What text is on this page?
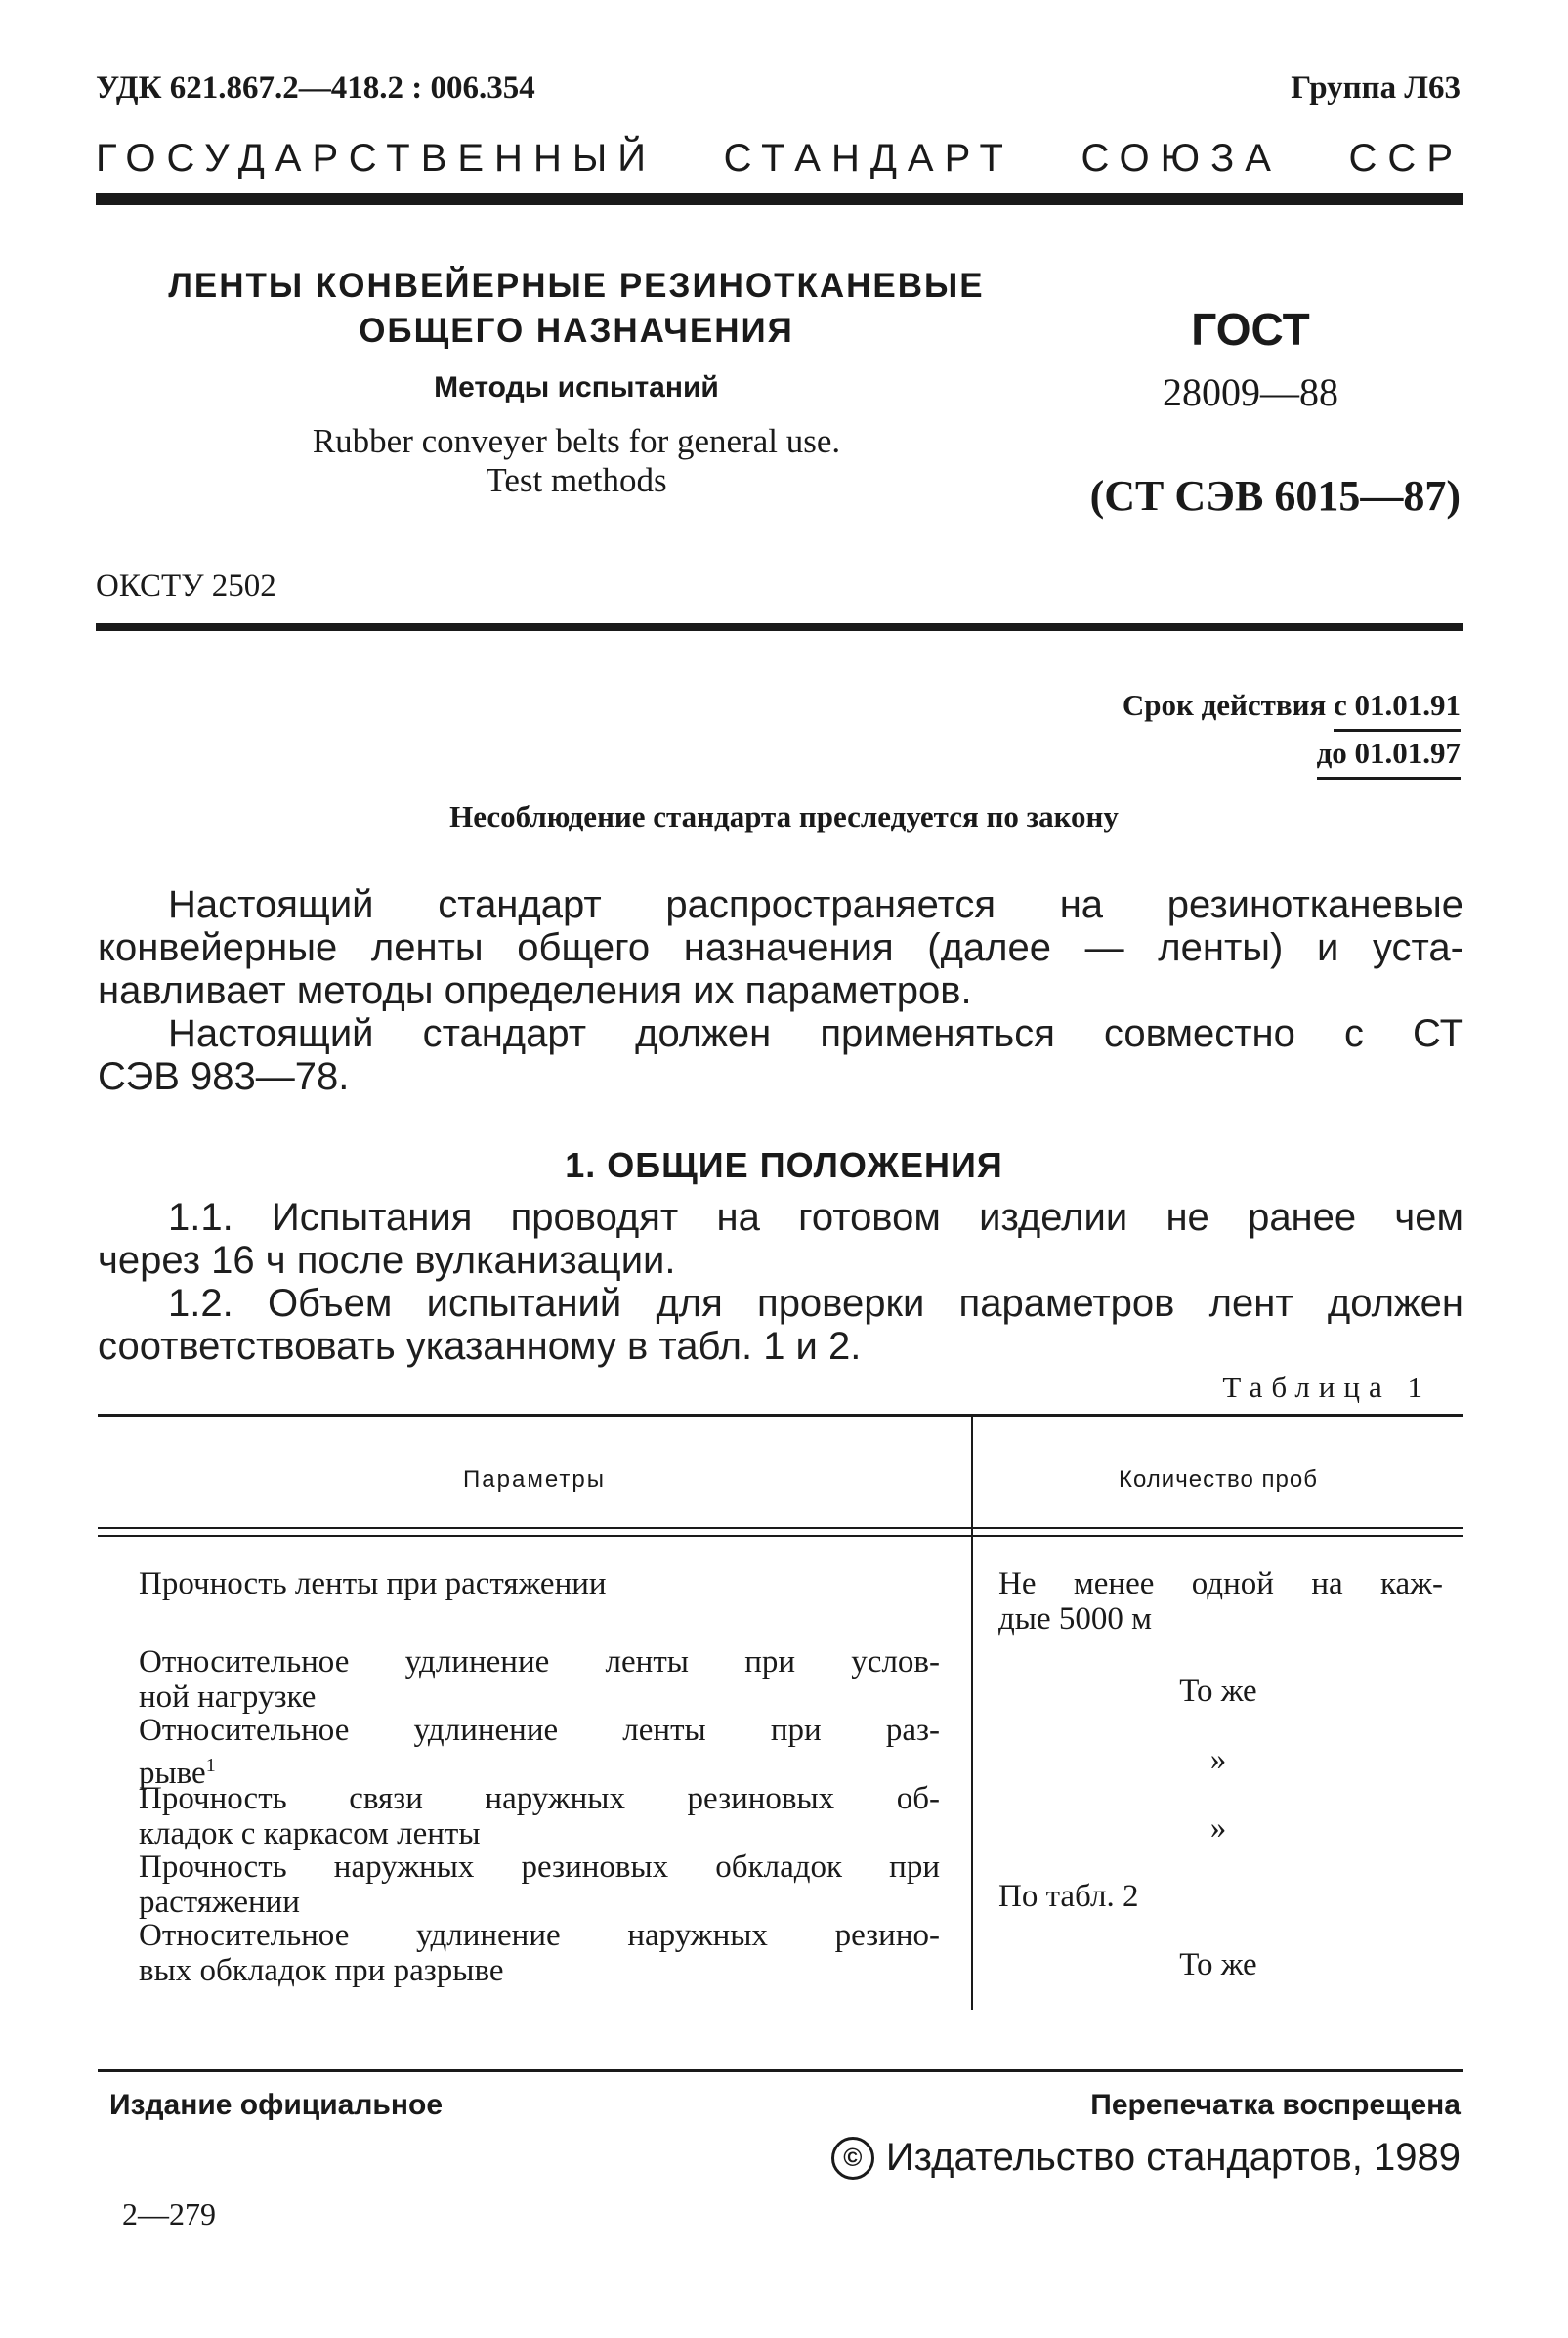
УДК 621.867.2—418.2 : 006.354	Группа Л63
ГОСУДАРСТВЕННЫЙ СТАНДАРТ СОЮЗА ССР
ЛЕНТЫ КОНВЕЙЕРНЫЕ РЕЗИНОТКАНЕВЫЕ
ОБЩЕГО НАЗНАЧЕНИЯ
Методы испытаний
Rubber conveyer belts for general use.
Test methods
ГОСТ
28009—88
(СТ СЭВ 6015—87)
ОКСТУ 2502
Срок действия с 01.01.91
до 01.01.97
Несоблюдение стандарта преследуется по закону
Настоящий стандарт распространяется на резинотканевые
конвейерные ленты общего назначения (далее — ленты) и уста-
навливает методы определения их параметров.
Настоящий стандарт должен применяться совместно с СТ
СЭВ 983—78.
1. ОБЩИЕ ПОЛОЖЕНИЯ
1.1. Испытания проводят на готовом изделии не ранее чем
через 16 ч после вулканизации.
1.2. Объем испытаний для проверки параметров лент должен
соответствовать указанному в табл. 1 и 2.
Таблица 1
Параметры	Количество проб
Прочность ленты при растяжении	Не менее одной на каж-
дые 5000 м
Относительное удлинение ленты при услов-
ной нагрузке	То же
Относительное удлинение ленты при раз-
рыве$^1$	»
Прочность связи наружных резиновых об-
кладок с каркасом ленты	»
Прочность наружных резиновых обкладок при
растяжении	По табл. 2
Относительное удлинение наружных резино-
вых обкладок при разрыве	То же
Издание официальное	Перепечатка воспрещена
© Издательство стандартов, 1989
2—279
